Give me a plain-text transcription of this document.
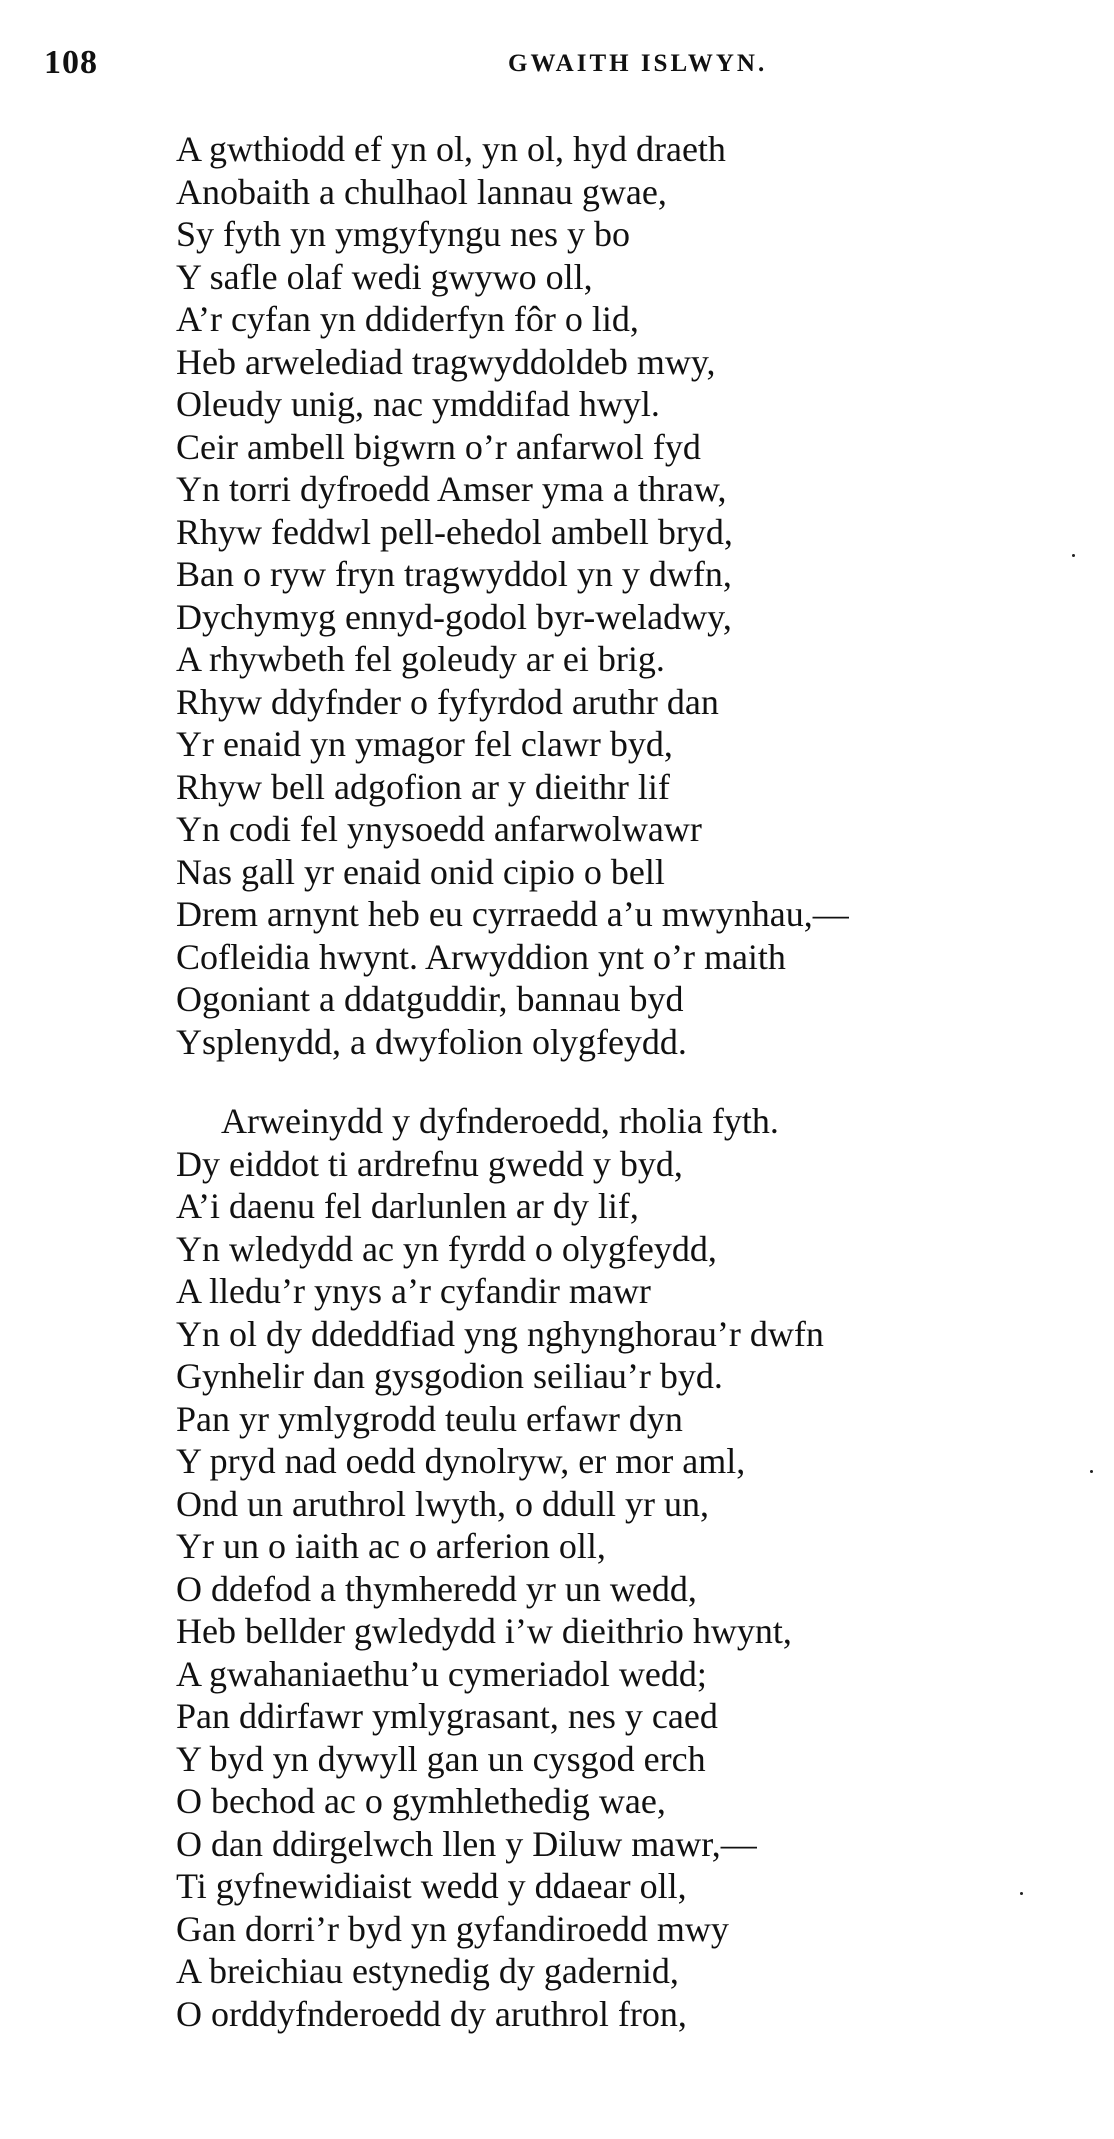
108	GWAITH ISLWYN.
A gwthiodd ef yn ol, yn ol, hyd draeth
Anobaith a chulhaol lannau gwae,
Sy fyth yn ymgyfyngu nes y bo
Y safle olaf wedi gwywo oll,
A’r cyfan yn ddiderfyn fôr o lid,
Heb arweledіad tragwyddoldeb mwy,
Oleudy unig, nac ymddifad hwyl.
Ceir ambell bigwrn o’r anfarwol fyd
Yn torri dyfroedd Amser yma a thraw,
Rhyw feddwl pell-ehedol ambell bryd,
Ban o ryw fryn tragwyddol yn y dwfn,
Dychymyg ennyd-godol byr-weladwy,
A rhywbeth fel goleudy ar ei brig.
Rhyw ddyfnder o fyfyrdod aruthr dan
Yr enaid yn ymagor fel clawr byd,
Rhyw bell adgofion ar y dieithr lif
Yn codi fel ynysoedd anfarwolwawr
Nas gall yr enaid onid cipio o bell
Drem arnynt heb eu cyrraedd a’u mwynhau,—
Cofleidia hwynt. Arwyddion ynt o’r maith
Ogoniant a ddatguddir, bannau byd
Ysplenydd, a dwyfolion olygfeydd.
Arweinydd y dyfnderoedd, rholia fyth.
Dy eiddot ti ardrefnu gwedd y byd,
A’i daenu fel darlunlen ar dy lif,
Yn wledydd ac yn fyrdd o olygfeydd,
A lledu’r ynys a’r cyfandir mawr
Yn ol dy ddeddfiad yng nghynghorau’r dwfn
Gynhelir dan gysgodion seiliau’r byd.
Pan yr ymlygrodd teulu erfawr dyn
Y pryd nad oedd dynolryw, er mor aml,
Ond un aruthrol lwyth, o ddull yr un,
Yr un o iaith ac o arferion oll,
O ddefod a thymheredd yr un wedd,
Heb bellder gwledydd i’w dieithrio hwynt,
A gwahaniaethu’u cymeriadol wedd;
Pan ddirfawr ymlygrasant, nes y caed
Y byd yn dywyll gan un cysgod erch
O bechod ac o gymhlethedig wae,
O dan ddirgelwch llen y Diluw mawr,—
Ti gyfnewidiaist wedd y ddaear oll,
Gan dorri’r byd yn gyfandiroedd mwy
A breichiau estynedig dy gadernid,
O orddyfnderoedd dy aruthrol fron,
